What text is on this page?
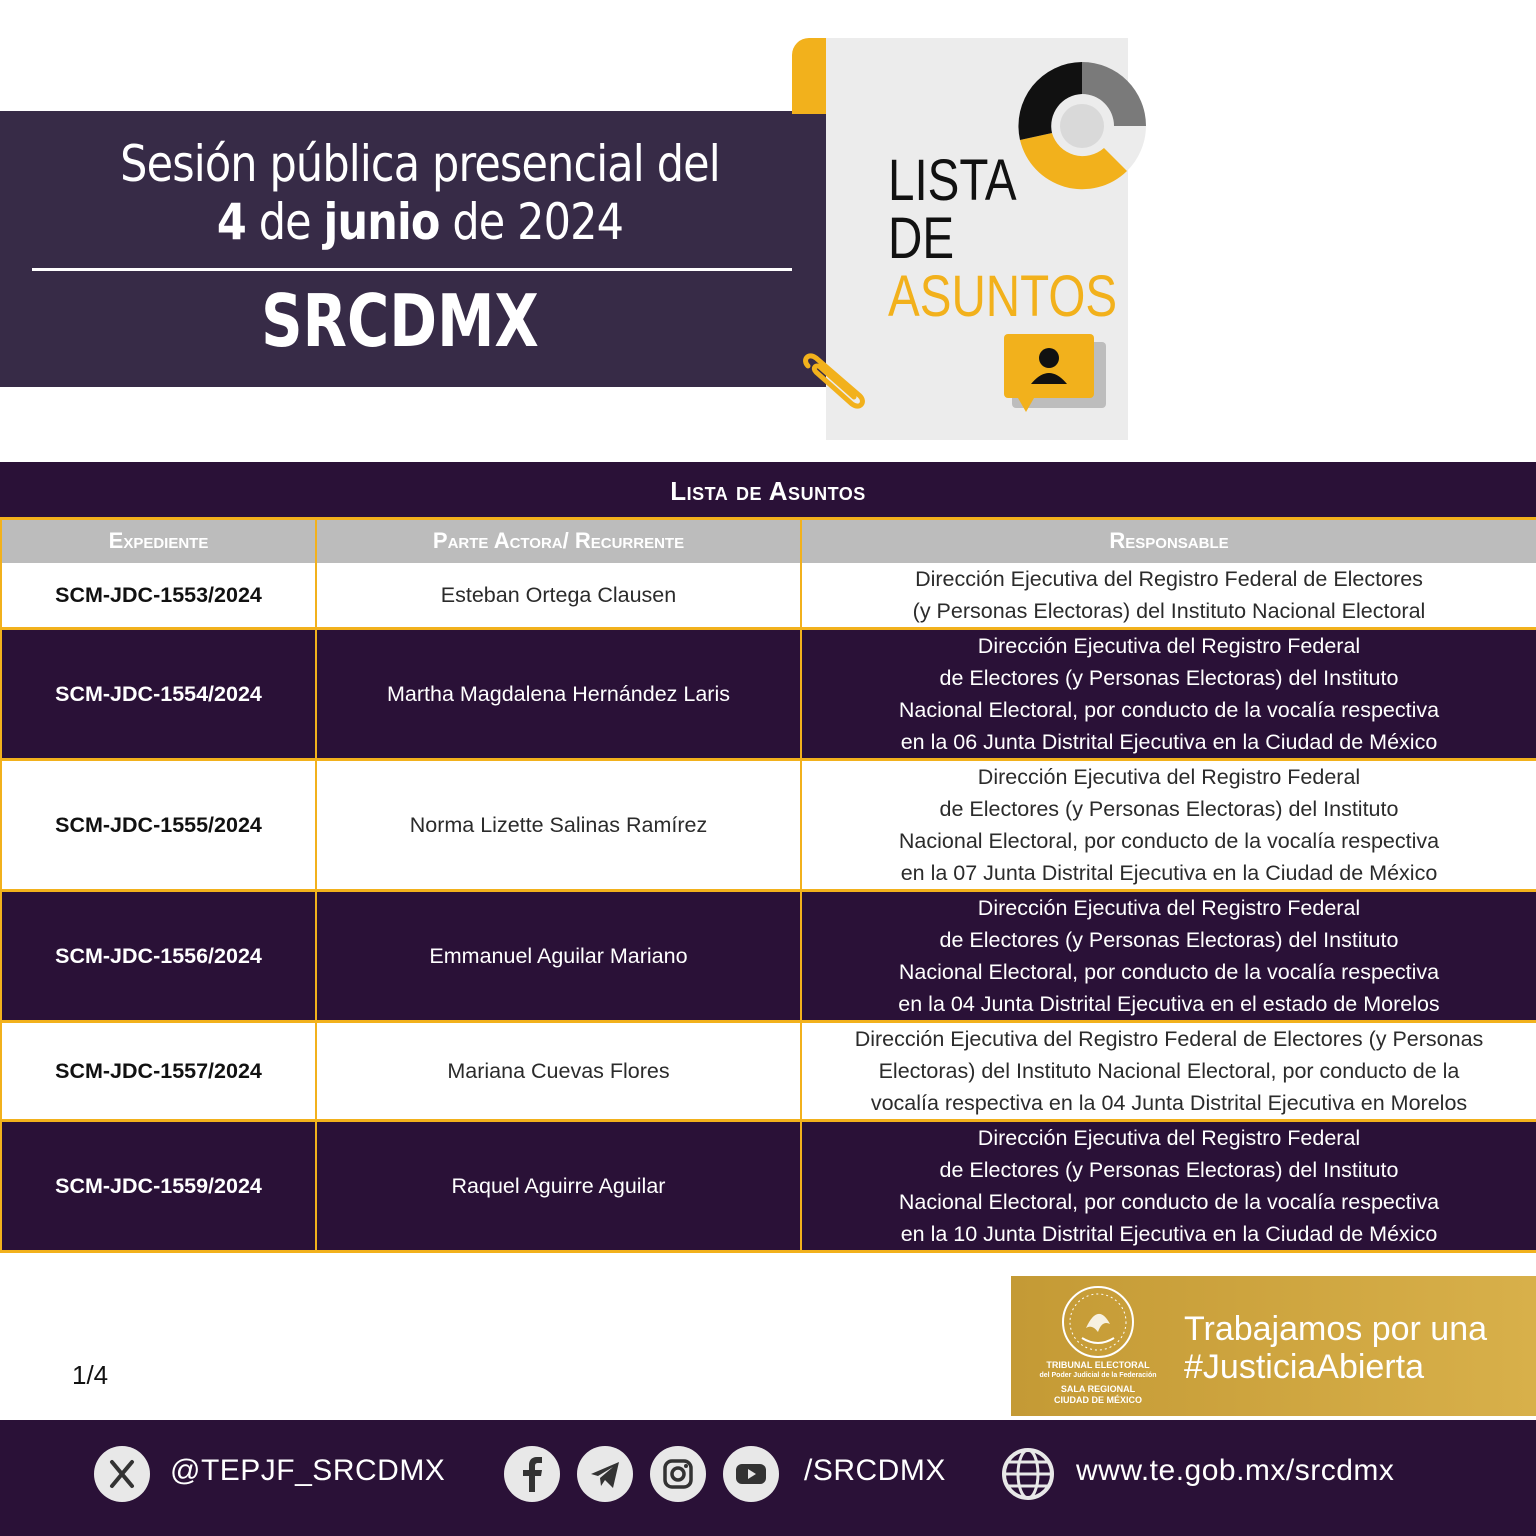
Sesión pública presencial del
4 de junio de 2024
SRCDMX
LISTA
DE
ASUNTOS
Lista de Asuntos
Expediente	Parte Actora/ Recurrente	Responsable
SCM-JDC-1553/2024	Esteban Ortega Clausen	Dirección Ejecutiva del Registro Federal de Electores
(y Personas Electoras) del Instituto Nacional Electoral

SCM-JDC-1554/2024	Martha Magdalena Hernández Laris	Dirección Ejecutiva del Registro Federal
de Electores (y Personas Electoras) del Instituto
Nacional Electoral, por conducto de la vocalía respectiva
en la 06 Junta Distrital Ejecutiva en la Ciudad de México

SCM-JDC-1555/2024	Norma Lizette Salinas Ramírez	Dirección Ejecutiva del Registro Federal
de Electores (y Personas Electoras) del Instituto
Nacional Electoral, por conducto de la vocalía respectiva
en la 07 Junta Distrital Ejecutiva en la Ciudad de México

SCM-JDC-1556/2024	Emmanuel Aguilar Mariano	Dirección Ejecutiva del Registro Federal
de Electores (y Personas Electoras) del Instituto
Nacional Electoral, por conducto de la vocalía respectiva
en la 04 Junta Distrital Ejecutiva en el estado de Morelos

SCM-JDC-1557/2024	Mariana Cuevas Flores	Dirección Ejecutiva del Registro Federal de Electores (y Personas
Electoras) del Instituto Nacional Electoral, por conducto de la
vocalía respectiva en la 04 Junta Distrital Ejecutiva en Morelos

SCM-JDC-1559/2024	Raquel Aguirre Aguilar	Dirección Ejecutiva del Registro Federal
de Electores (y Personas Electoras) del Instituto
Nacional Electoral, por conducto de la vocalía respectiva
en la 10 Junta Distrital Ejecutiva en la Ciudad de México
1/4	TRIBUNAL ELECTORAL
del Poder Judicial de la Federación
SALA REGIONAL
CIUDAD DE MÉXICO
Trabajamos por una
#JusticiaAbierta
@TEPJF_SRCDMX	/SRCDMX	www.te.gob.mx/srcdmx
